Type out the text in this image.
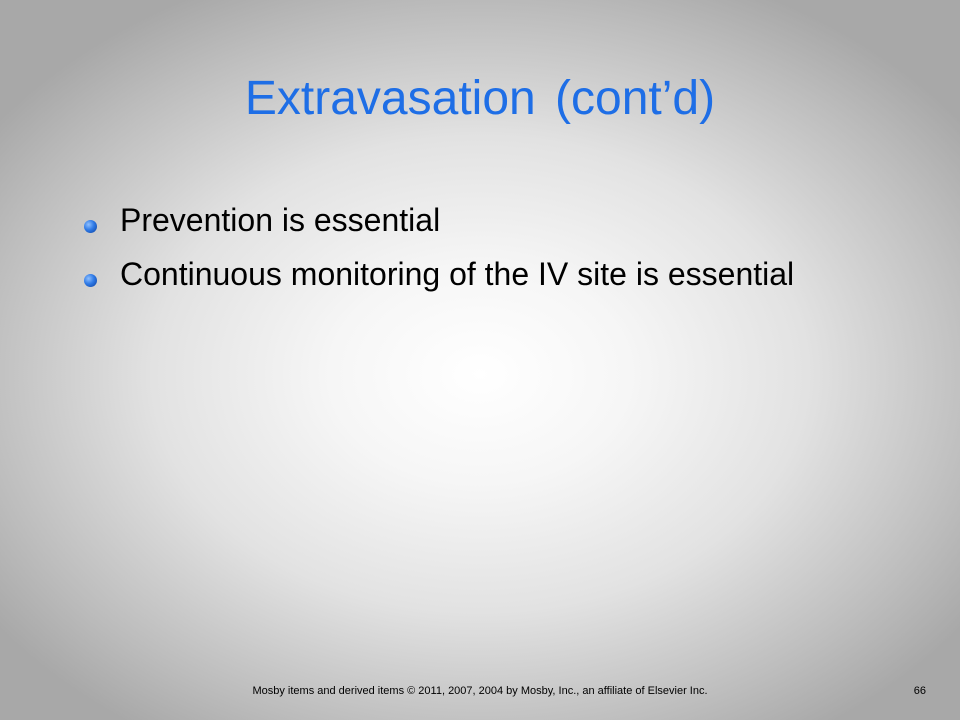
Extravasation (cont’d)
Prevention is essential
Continuous monitoring of the IV site is essential
Mosby items and derived items © 2011, 2007, 2004 by Mosby, Inc., an affiliate of Elsevier Inc.	66
